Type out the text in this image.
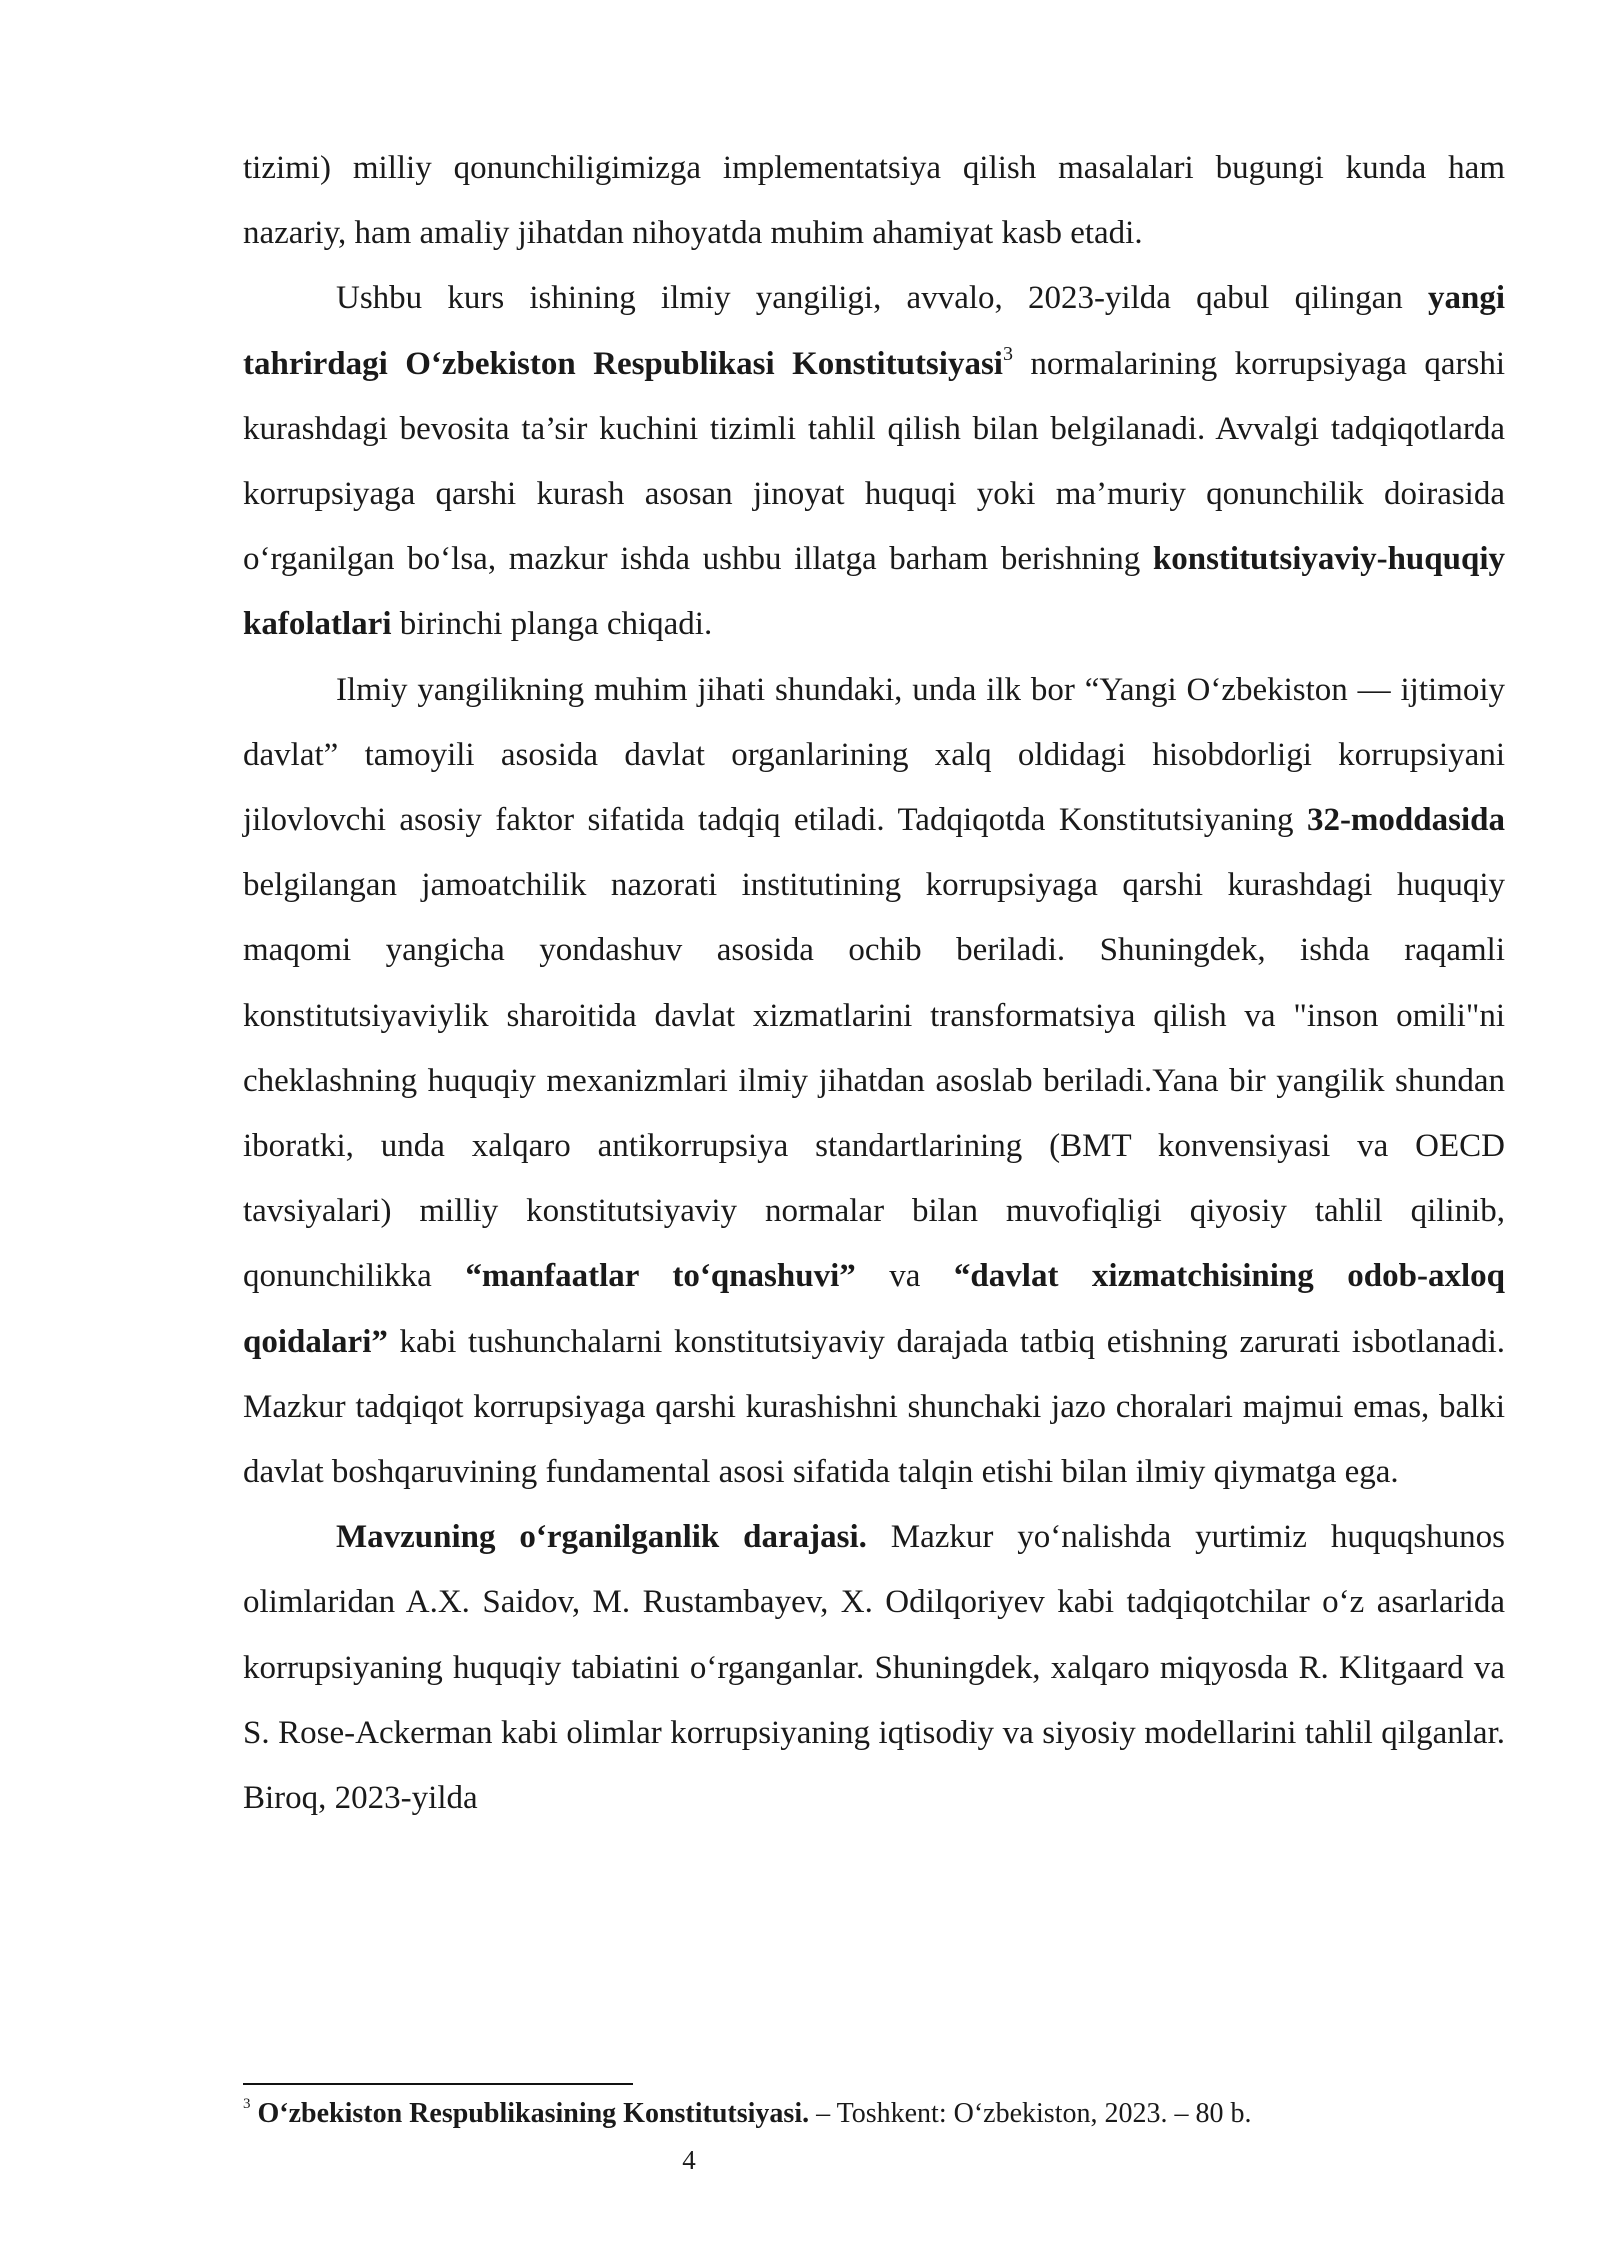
tizimi) milliy qonunchiligimizga implementatsiya qilish masalalari bugungi kunda ham nazariy, ham amaliy jihatdan nihoyatda muhim ahamiyat kasb etadi.

Ushbu kurs ishining ilmiy yangiligi, avvalo, 2023-yilda qabul qilingan yangi tahrirdagi O‘zbekiston Respublikasi Konstitutsiyasi$^3$ normalarining korrupsiyaga qarshi kurashdagi bevosita ta’sir kuchini tizimli tahlil qilish bilan belgilanadi. Avvalgi tadqiqotlarda korrupsiyaga qarshi kurash asosan jinoyat huquqi yoki ma’muriy qonunchilik doirasida o‘rganilgan bo‘lsa, mazkur ishda ushbu illatga barham berishning konstitutsiyaviy-huquqiy kafolatlari birinchi planga chiqadi.

Ilmiy yangilikning muhim jihati shundaki, unda ilk bor “Yangi O‘zbekiston — ijtimoiy davlat” tamoyili asosida davlat organlarining xalq oldidagi hisobdorligi korrupsiyani jilovlovchi asosiy faktor sifatida tadqiq etiladi. Tadqiqotda Konstitutsiyaning 32-moddasida belgilangan jamoatchilik nazorati institutining korrupsiyaga qarshi kurashdagi huquqiy maqomi yangicha yondashuv asosida ochib beriladi. Shuningdek, ishda raqamli konstitutsiyaviylik sharoitida davlat xizmatlarini transformatsiya qilish va "inson omili"ni cheklashning huquqiy mexanizmlari ilmiy jihatdan asoslab beriladi.Yana bir yangilik shundan iboratki, unda xalqaro antikorrupsiya standartlarining (BMT konvensiyasi va OECD tavsiyalari) milliy konstitutsiyaviy normalar bilan muvofiqligi qiyosiy tahlil qilinib, qonunchilikka “manfaatlar to‘qnashuvi” va “davlat xizmatchisining odob-axloq qoidalari” kabi tushunchalarni konstitutsiyaviy darajada tatbiq etishning zarurati isbotlanadi. Mazkur tadqiqot korrupsiyaga qarshi kurashishni shunchaki jazo choralari majmui emas, balki davlat boshqaruvining fundamental asosi sifatida talqin etishi bilan ilmiy qiymatga ega.

Mavzuning o‘rganilganlik darajasi. Mazkur yo‘nalishda yurtimiz huquqshunos olimlaridan A.X. Saidov, M. Rustambayev, X. Odilqoriyev kabi tadqiqotchilar o‘z asarlarida korrupsiyaning huquqiy tabiatini o‘rganganlar. Shuningdek, xalqaro miqyosda R. Klitgaard va S. Rose-Ackerman kabi olimlar korrupsiyaning iqtisodiy va siyosiy modellarini tahlil qilganlar. Biroq, 2023-yilda

$^3$ O‘zbekiston Respublikasining Konstitutsiyasi. – Toshkent: O‘zbekiston, 2023. – 80 b.
4
